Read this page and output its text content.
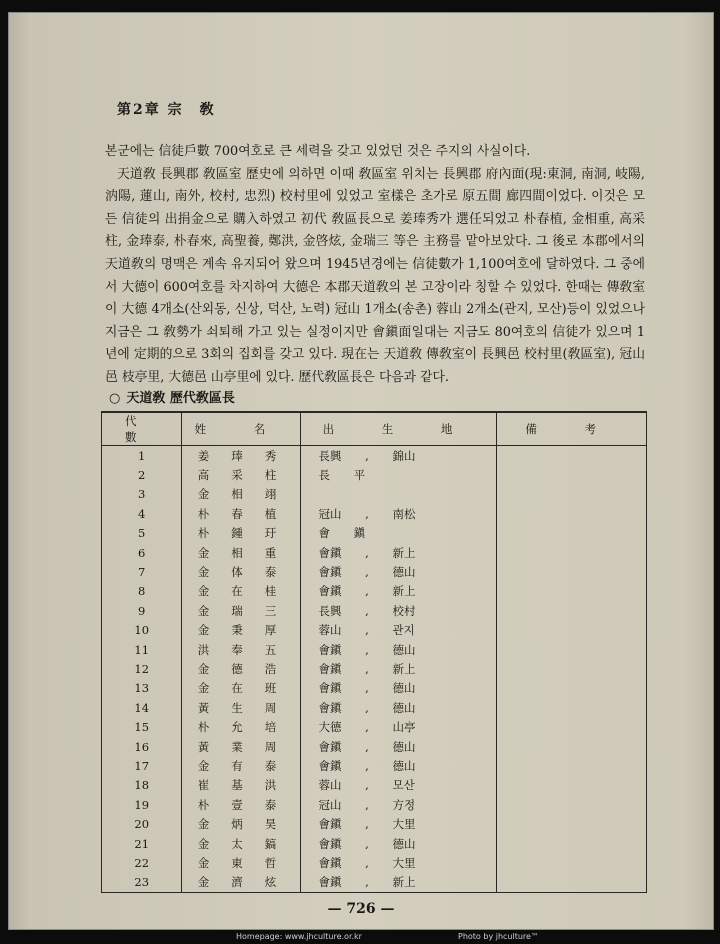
第2章 宗　敎

본군에는 信徒戶數 700여호로 큰 세력을 갖고 있었던 것은 주지의 사실이다.

天道敎 長興郡 敎區室 歷史에 의하면 이때 敎區室 위치는 長興郡 府內面(現:東洞, 南洞, 岐陽, 汭陽, 蓮山, 南外, 校村, 忠烈) 校村里에 있었고 室樣은 초가로 原五間 廊四間이었다. 이것은 모든 信徒의 出捐金으로 購入하였고 初代 敎區長으로 姜琫秀가 選任되었고 朴春植, 金相重, 高采柱, 金琫泰, 朴春來, 高聖養, 鄭洪, 金啓炫, 金瑞三 等은 主務를 맡아보았다. 그 後로 本郡에서의 天道敎의 명맥은 계속 유지되어 왔으며 1945년경에는 信徒數가 1,100여호에 달하였다. 그 중에서 大德이 600여호를 차지하여 大德은 本郡天道敎의 본 고장이라 칭할 수 있었다. 한때는 傳敎室이 大德 4개소(산외동, 신상, 덕산, 노력) 冠山 1개소(송촌) 蓉山 2개소(관지, 모산)등이 있었으나 지금은 그 敎勢가 쇠퇴해 가고 있는 실정이지만 會鎭面일대는 지금도 80여호의 信徒가 있으며 1년에 定期的으로 3회의 집회를 갖고 있다. 現在는 天道敎 傳敎室이 長興邑 校村里(敎區室), 冠山邑 枝亭里, 大德邑 山亭里에 있다. 歷代敎區長은 다음과 같다.

○ 天道敎 歷代敎區長
代 數	姓 名	出 生 地	備 考
1	姜琫秀	長興 , 錦山	
2	高采柱	長 平	
3	金相翊		
4	朴春植	冠山 , 南松	
5	朴鍾玗	會 鎭	
6	金相重	會鎭 , 新上	
7	金体泰	會鎭 , 德山	
8	金在桂	會鎭 , 新上	
9	金瑞三	長興 , 校村	
10	金秉厚	蓉山 , 관지	
11	洪奉五	會鎭 , 德山	
12	金德浩	會鎭 , 新上	
13	金在班	會鎭 , 德山	
14	黃生周	會鎭 , 德山	
15	朴允培	大德 , 山亭	
16	黃業周	會鎭 , 德山	
17	金有泰	會鎭 , 德山	
18	崔基洪	蓉山 , 모산	
19	朴壹泰	冠山 , 方정	
20	金炳昊	會鎭 , 大里	
21	金太鎬	會鎭 , 德山	
22	金東哲	會鎭 , 大里	
23	金濟炫	會鎭 , 新上	
— 726 —
Homepage: www.jhculture.or.kr	Photo by jhculture™
